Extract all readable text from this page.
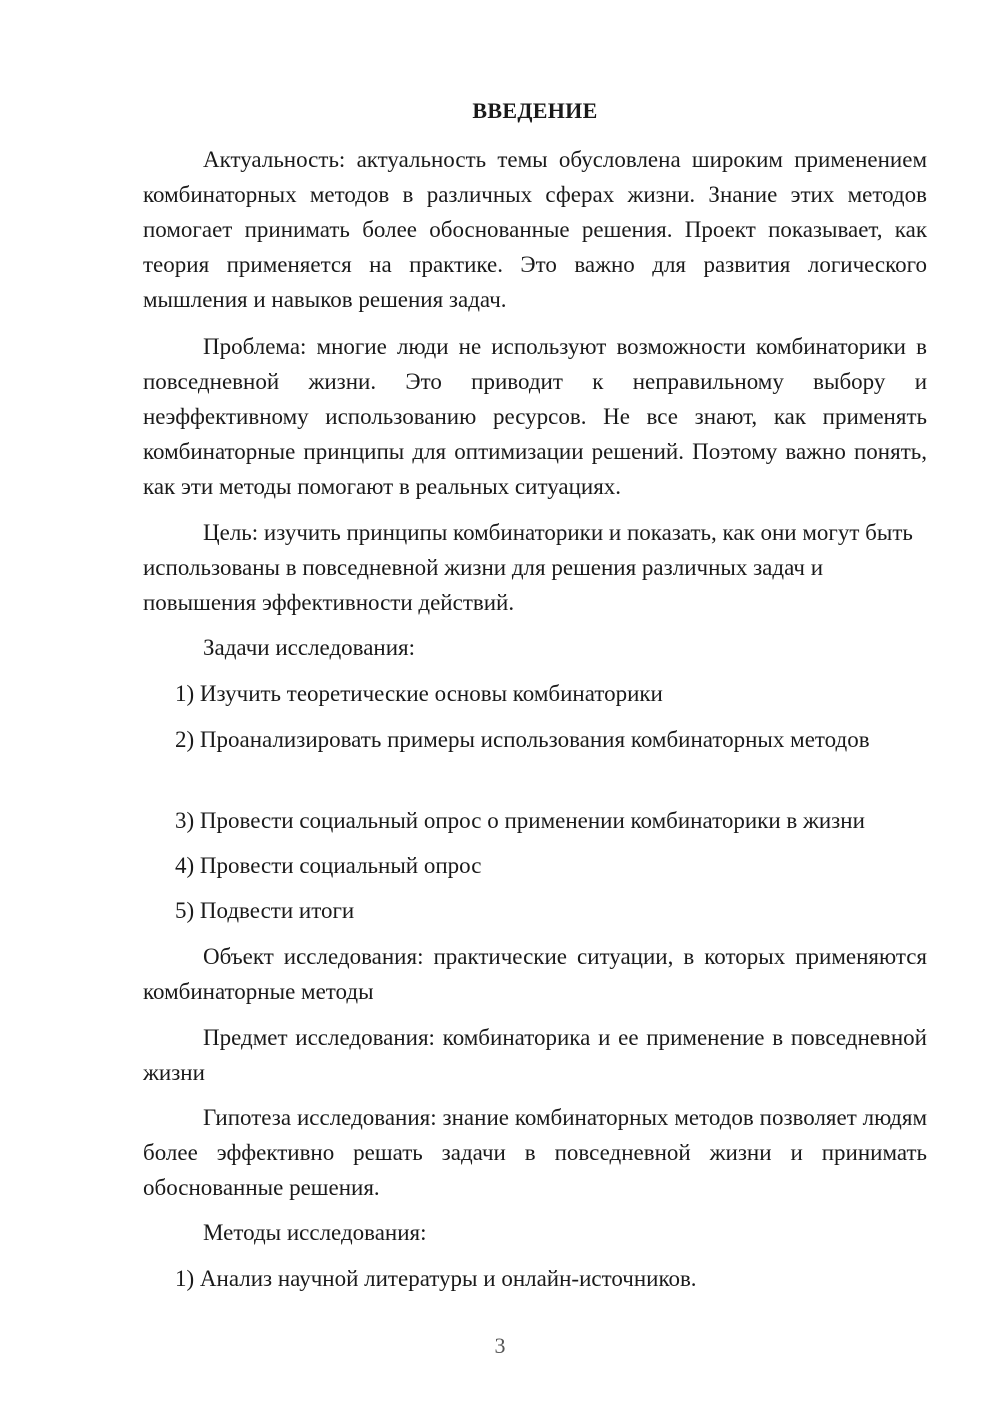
ВВЕДЕНИЕ

Актуальность: актуальность темы обусловлена широким применением комбинаторных методов в различных сферах жизни. Знание этих методов помогает принимать более обоснованные решения. Проект показывает, как теория применяется на практике. Это важно для развития логического мышления и навыков решения задач.

Проблема: многие люди не используют возможности комбинаторики в повседневной жизни. Это приводит к неправильному выбору и неэффективному использованию ресурсов. Не все знают, как применять комбинаторные принципы для оптимизации решений. Поэтому важно понять, как эти методы помогают в реальных ситуациях.

Цель: изучить принципы комбинаторики и показать, как они могут быть использованы в повседневной жизни для решения различных задач и повышения эффективности действий.

Задачи исследования:

1) Изучить теоретические основы комбинаторики

2) Проанализировать примеры использования комбинаторных методов

3) Провести социальный опрос о применении комбинаторики в жизни

4) Провести социальный опрос

5) Подвести итоги

Объект исследования: практические ситуации, в которых применяются комбинаторные методы

Предмет исследования: комбинаторика и ее применение в повседневной жизни

Гипотеза исследования: знание комбинаторных методов позволяет людям более эффективно решать задачи в повседневной жизни и принимать обоснованные решения.

Методы исследования:

1) Анализ научной литературы и онлайн-источников.

3
